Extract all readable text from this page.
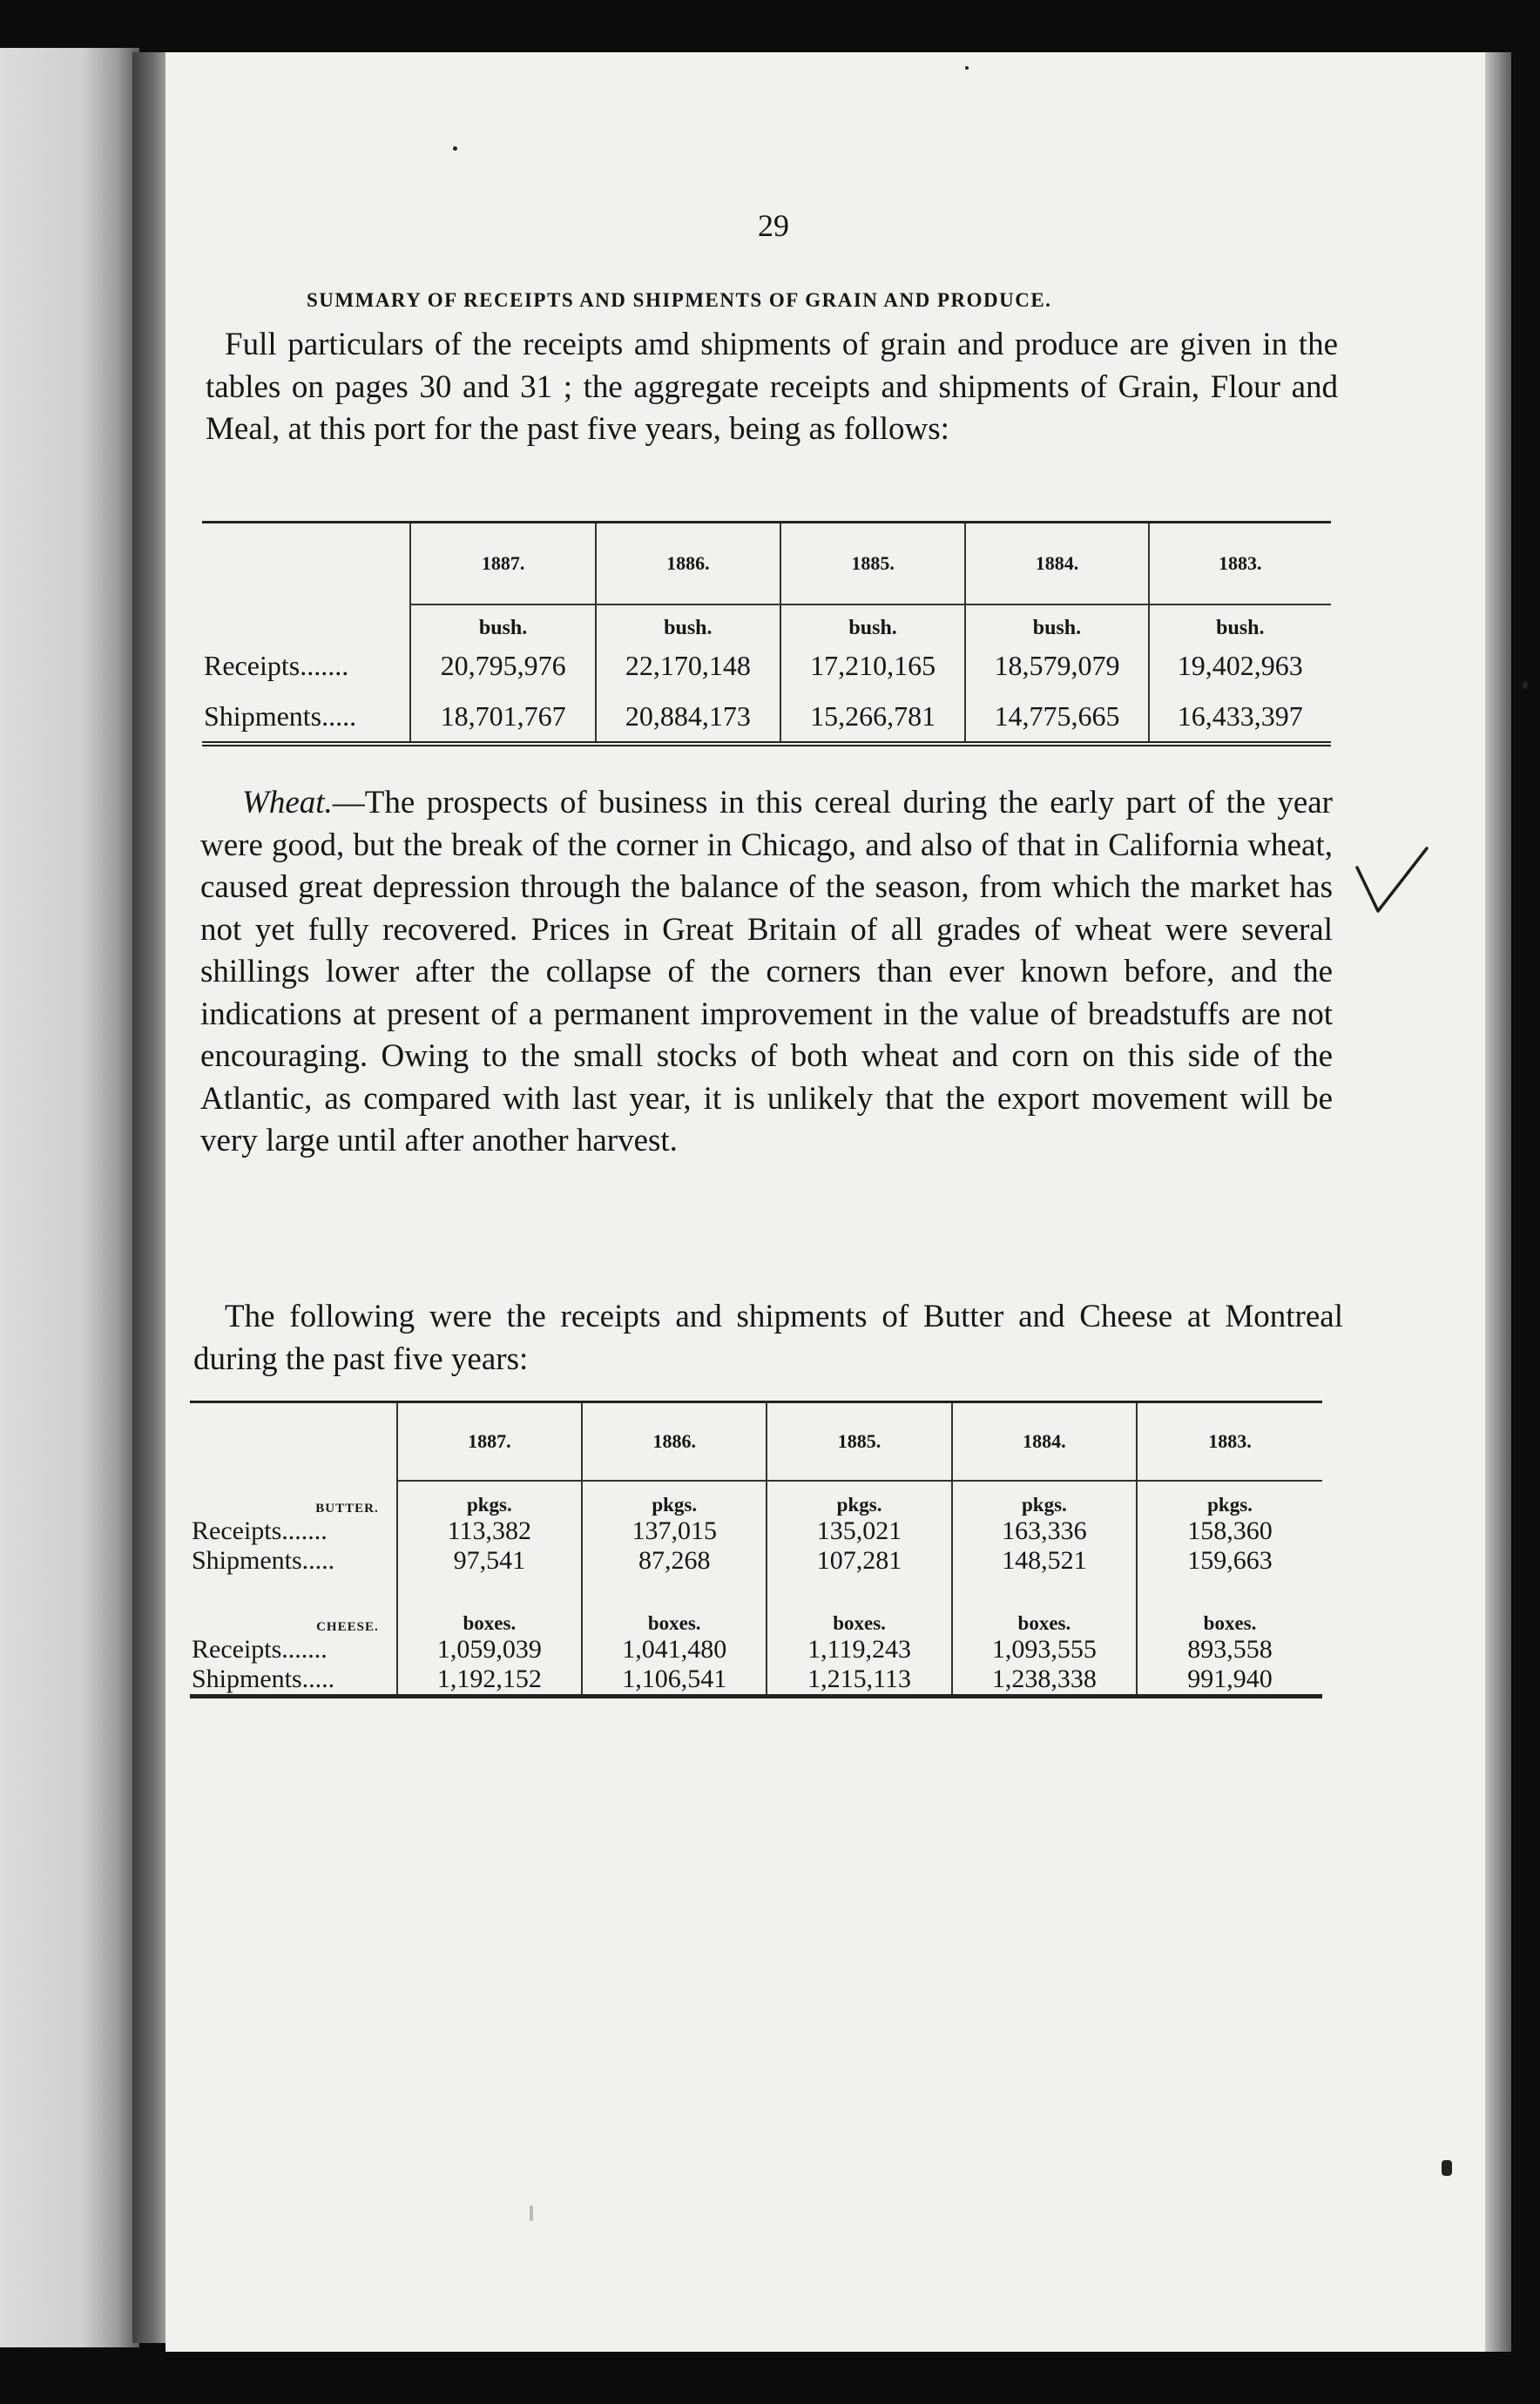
29
SUMMARY OF RECEIPTS AND SHIPMENTS OF GRAIN AND PRODUCE.
Full particulars of the receipts amd shipments of grain and produce are given in the tables on pages 30 and 31 ; the aggregate receipts and shipments of Grain, Flour and Meal, at this port for the past five years, being as follows:
	1887.	1886.	1885.	1884.	1883.
	bush.	bush.	bush.	bush.	bush.
Receipts.......	20,795,976	22,170,148	17,210,165	18,579,079	19,402,963
Shipments.....	18,701,767	20,884,173	15,266,781	14,775,665	16,433,397
Wheat.—The prospects of business in this cereal during the early part of the year were good, but the break of the corner in Chicago, and also of that in California wheat, caused great depression through the balance of the season, from which the market has not yet fully recovered. Prices in Great Britain of all grades of wheat were several shillings lower after the collapse of the corners than ever known before, and the indications at present of a permanent improvement in the value of breadstuffs are not encouraging. Owing to the small stocks of both wheat and corn on this side of the Atlantic, as compared with last year, it is unlikely that the export movement will be very large until after another harvest.
The following were the receipts and shipments of Butter and Cheese at Montreal during the past five years:
	1887.	1886.	1885.	1884.	1883.
BUTTER.	pkgs.	pkgs.	pkgs.	pkgs.	pkgs.
Receipts.......	113,382	137,015	135,021	163,336	158,360
Shipments.....	97,541	87,268	107,281	148,521	159,663

CHEESE.	boxes.	boxes.	boxes.	boxes.	boxes.
Receipts.......	1,059,039	1,041,480	1,119,243	1,093,555	893,558
Shipments.....	1,192,152	1,106,541	1,215,113	1,238,338	991,940
